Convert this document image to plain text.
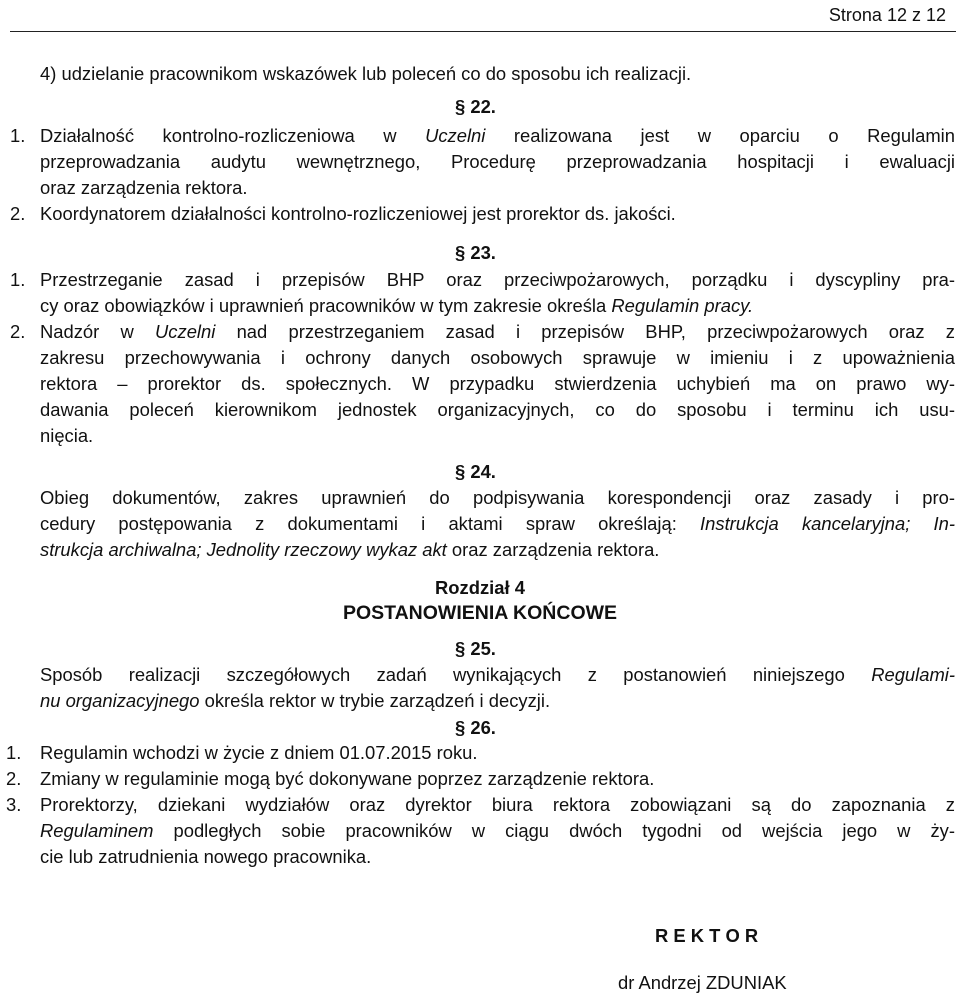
Strona 12 z 12
4) udzielanie pracownikom wskazówek lub poleceń co do sposobu ich realizacji.
§ 22.
1. Działalność kontrolno-rozliczeniowa w Uczelni realizowana jest w oparciu o Regulamin
przeprowadzania audytu wewnętrznego, Procedurę przeprowadzania hospitacji i ewaluacji
oraz zarządzenia rektora.
2. Koordynatorem działalności kontrolno-rozliczeniowej jest prorektor ds. jakości.
§ 23.
1. Przestrzeganie zasad i przepisów BHP oraz przeciwpożarowych, porządku i dyscypliny pra-
cy oraz obowiązków i uprawnień pracowników w tym zakresie określa Regulamin pracy.
2. Nadzór w Uczelni nad przestrzeganiem zasad i przepisów BHP, przeciwpożarowych oraz z
zakresu przechowywania i ochrony danych osobowych sprawuje w imieniu i z upoważnienia
rektora – prorektor ds. społecznych. W przypadku stwierdzenia uchybień ma on prawo wy-
dawania poleceń kierownikom jednostek organizacyjnych, co do sposobu i terminu ich usu-
nięcia.
§ 24.
Obieg dokumentów, zakres uprawnień do podpisywania korespondencji oraz zasady i pro-
cedury postępowania z dokumentami i aktami spraw określają: Instrukcja kancelaryjna; In-
strukcja archiwalna; Jednolity rzeczowy wykaz akt oraz zarządzenia rektora.
Rozdział 4
POSTANOWIENIA KOŃCOWE
§ 25.
Sposób realizacji szczegółowych zadań wynikających z postanowień niniejszego Regulami-
nu organizacyjnego określa rektor w trybie zarządzeń i decyzji.
§ 26.
1. Regulamin wchodzi w życie z dniem 01.07.2015 roku.
2. Zmiany w regulaminie mogą być dokonywane poprzez zarządzenie rektora.
3. Prorektorzy, dziekani wydziałów oraz dyrektor biura rektora zobowiązani są do zapoznania z
Regulaminem podległych sobie pracowników w ciągu dwóch tygodni od wejścia jego w ży-
cie lub zatrudnienia nowego pracownika.
R E K T O R
dr Andrzej ZDUNIAK
